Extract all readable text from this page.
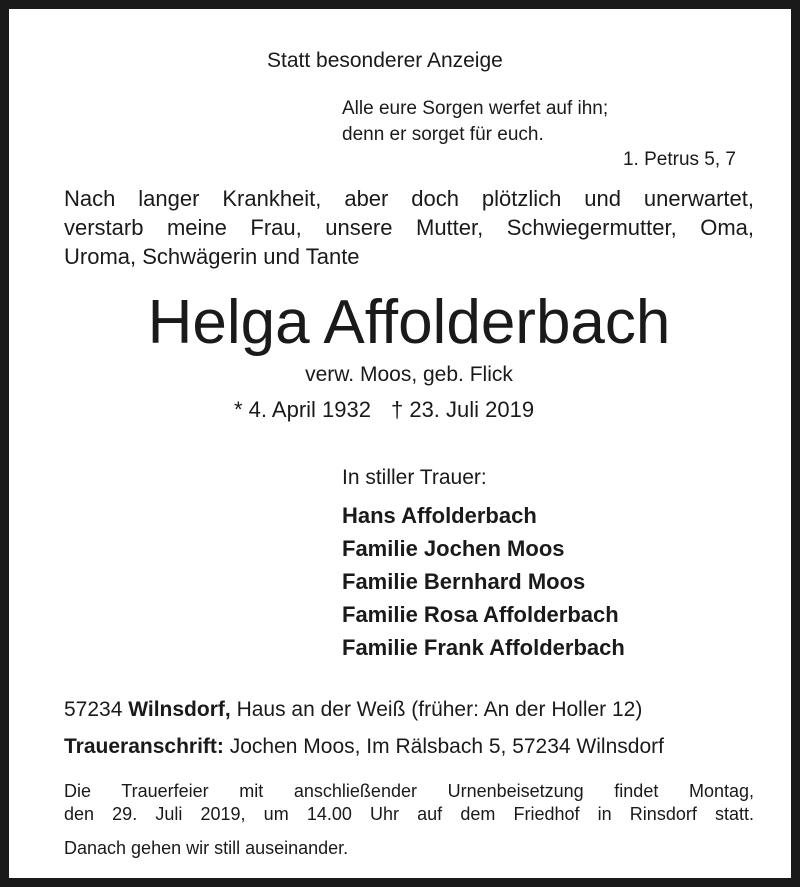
Statt besonderer Anzeige
Alle eure Sorgen werfet auf ihn;
denn er sorget für euch.
1. Petrus 5, 7
Nach langer Krankheit, aber doch plötzlich und unerwartet,
verstarb meine Frau, unsere Mutter, Schwiegermutter, Oma,
Uroma, Schwägerin und Tante
Helga Affolderbach
verw. Moos, geb. Flick
* 4. April 1932 † 23. Juli 2019
In stiller Trauer:
Hans Affolderbach
Familie Jochen Moos
Familie Bernhard Moos
Familie Rosa Affolderbach
Familie Frank Affolderbach
57234 Wilnsdorf, Haus an der Weiß (früher: An der Holler 12)
Traueranschrift: Jochen Moos, Im Rälsbach 5, 57234 Wilnsdorf
Die Trauerfeier mit anschließender Urnenbeisetzung findet Montag,
den 29. Juli 2019, um 14.00 Uhr auf dem Friedhof in Rinsdorf statt.
Danach gehen wir still auseinander.
